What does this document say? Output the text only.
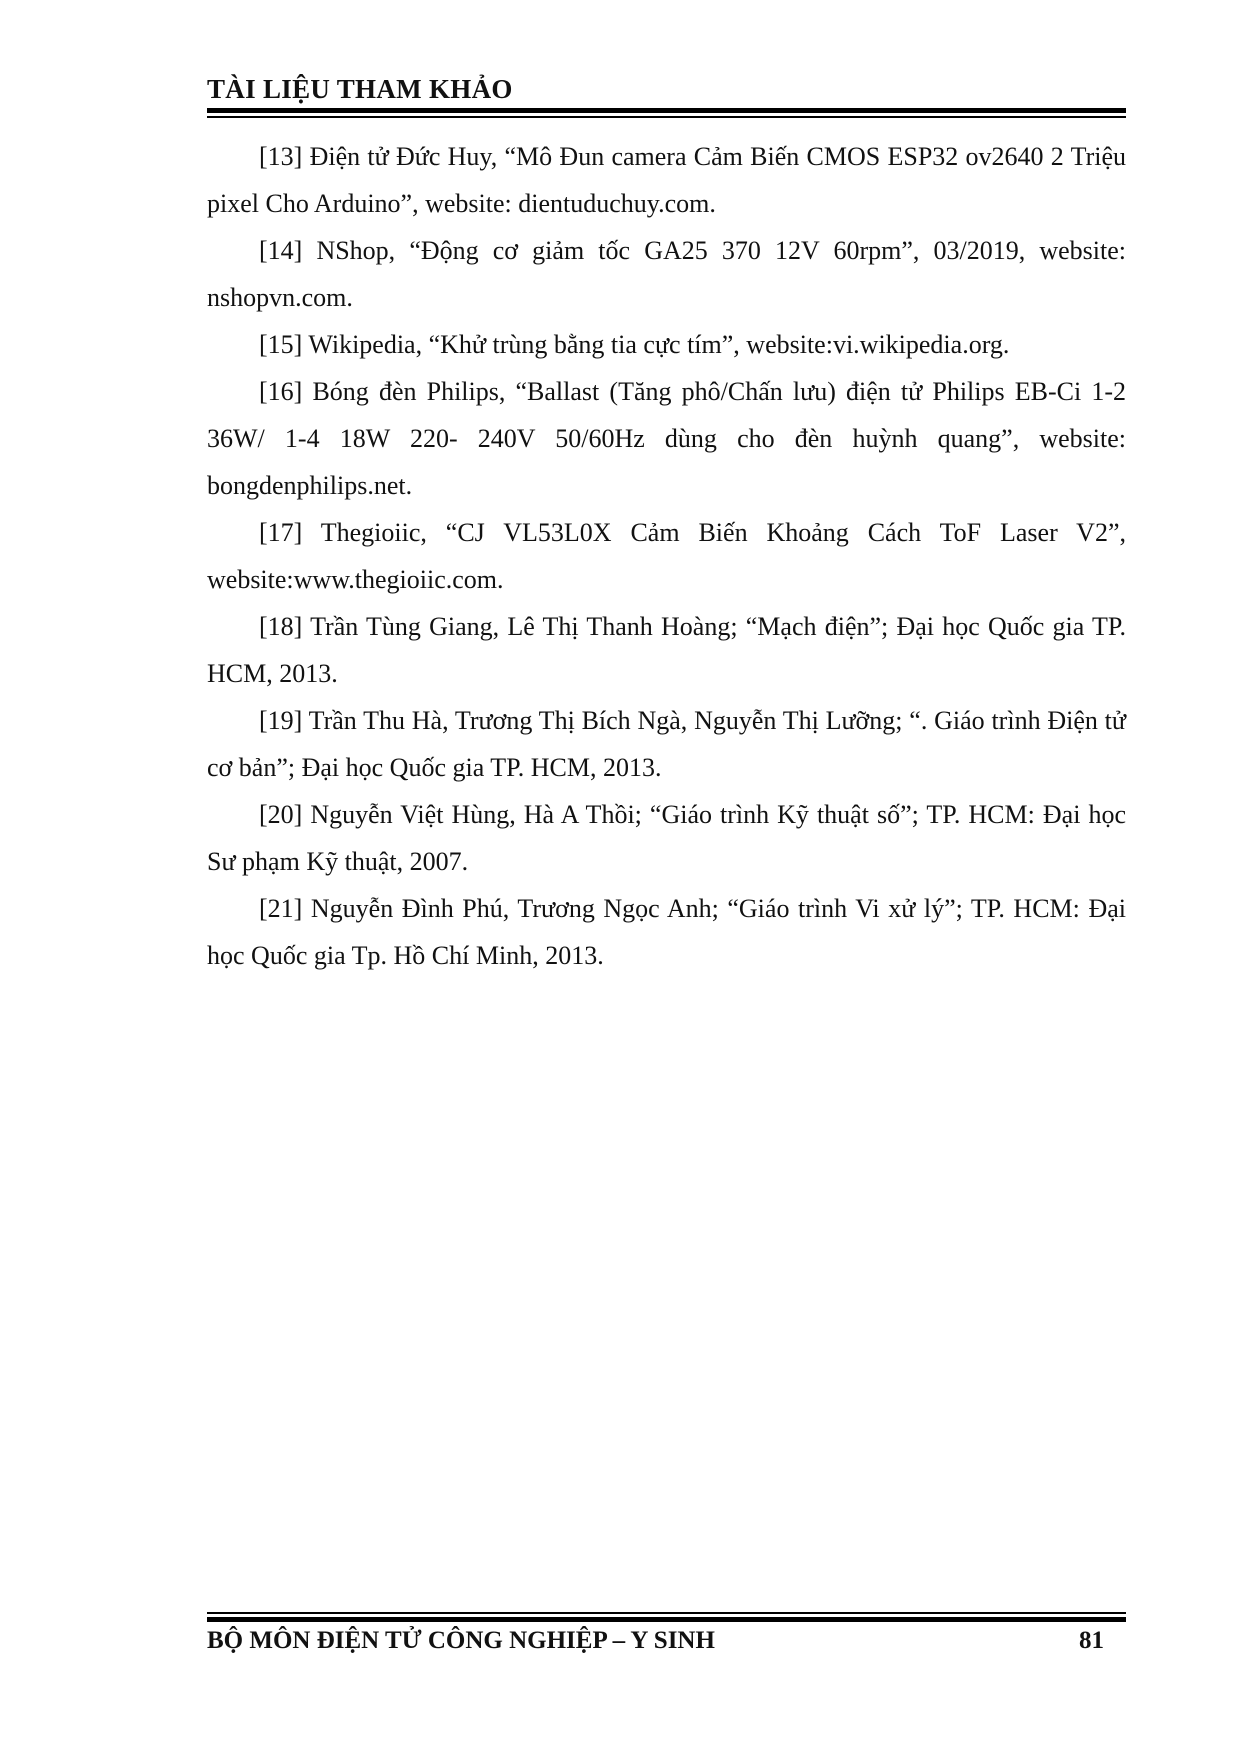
TÀI LIỆU THAM KHẢO

[13] Điện tử Đức Huy, “Mô Đun camera Cảm Biến CMOS ESP32 ov2640 2 Triệu pixel Cho Arduino”, website: dientuduchuy.com.

[14] NShop, “Động cơ giảm tốc GA25 370 12V 60rpm”, 03/2019, website: nshopvn.com.

[15] Wikipedia, “Khử trùng bằng tia cực tím”, website:vi.wikipedia.org.

[16] Bóng đèn Philips, “Ballast (Tăng phô/Chấn lưu) điện tử Philips EB-Ci 1-2 36W/ 1-4 18W 220- 240V 50/60Hz dùng cho đèn huỳnh quang”, website: bongdenphilips.net.

[17] Thegioiic, “CJ VL53L0X Cảm Biến Khoảng Cách ToF Laser V2”, website:www.thegioiic.com.

[18] Trần Tùng Giang, Lê Thị Thanh Hoàng; “Mạch điện”; Đại học Quốc gia TP. HCM, 2013.

[19] Trần Thu Hà, Trương Thị Bích Ngà, Nguyễn Thị Lưỡng; “. Giáo trình Điện tử cơ bản”; Đại học Quốc gia TP. HCM, 2013.

[20] Nguyễn Việt Hùng, Hà A Thồi; “Giáo trình Kỹ thuật số”; TP. HCM: Đại học Sư phạm Kỹ thuật, 2007.

[21] Nguyễn Đình Phú, Trương Ngọc Anh; “Giáo trình Vi xử lý”; TP. HCM: Đại học Quốc gia Tp. Hồ Chí Minh, 2013.

BỘ MÔN ĐIỆN TỬ CÔNG NGHIỆP – Y SINH	81
